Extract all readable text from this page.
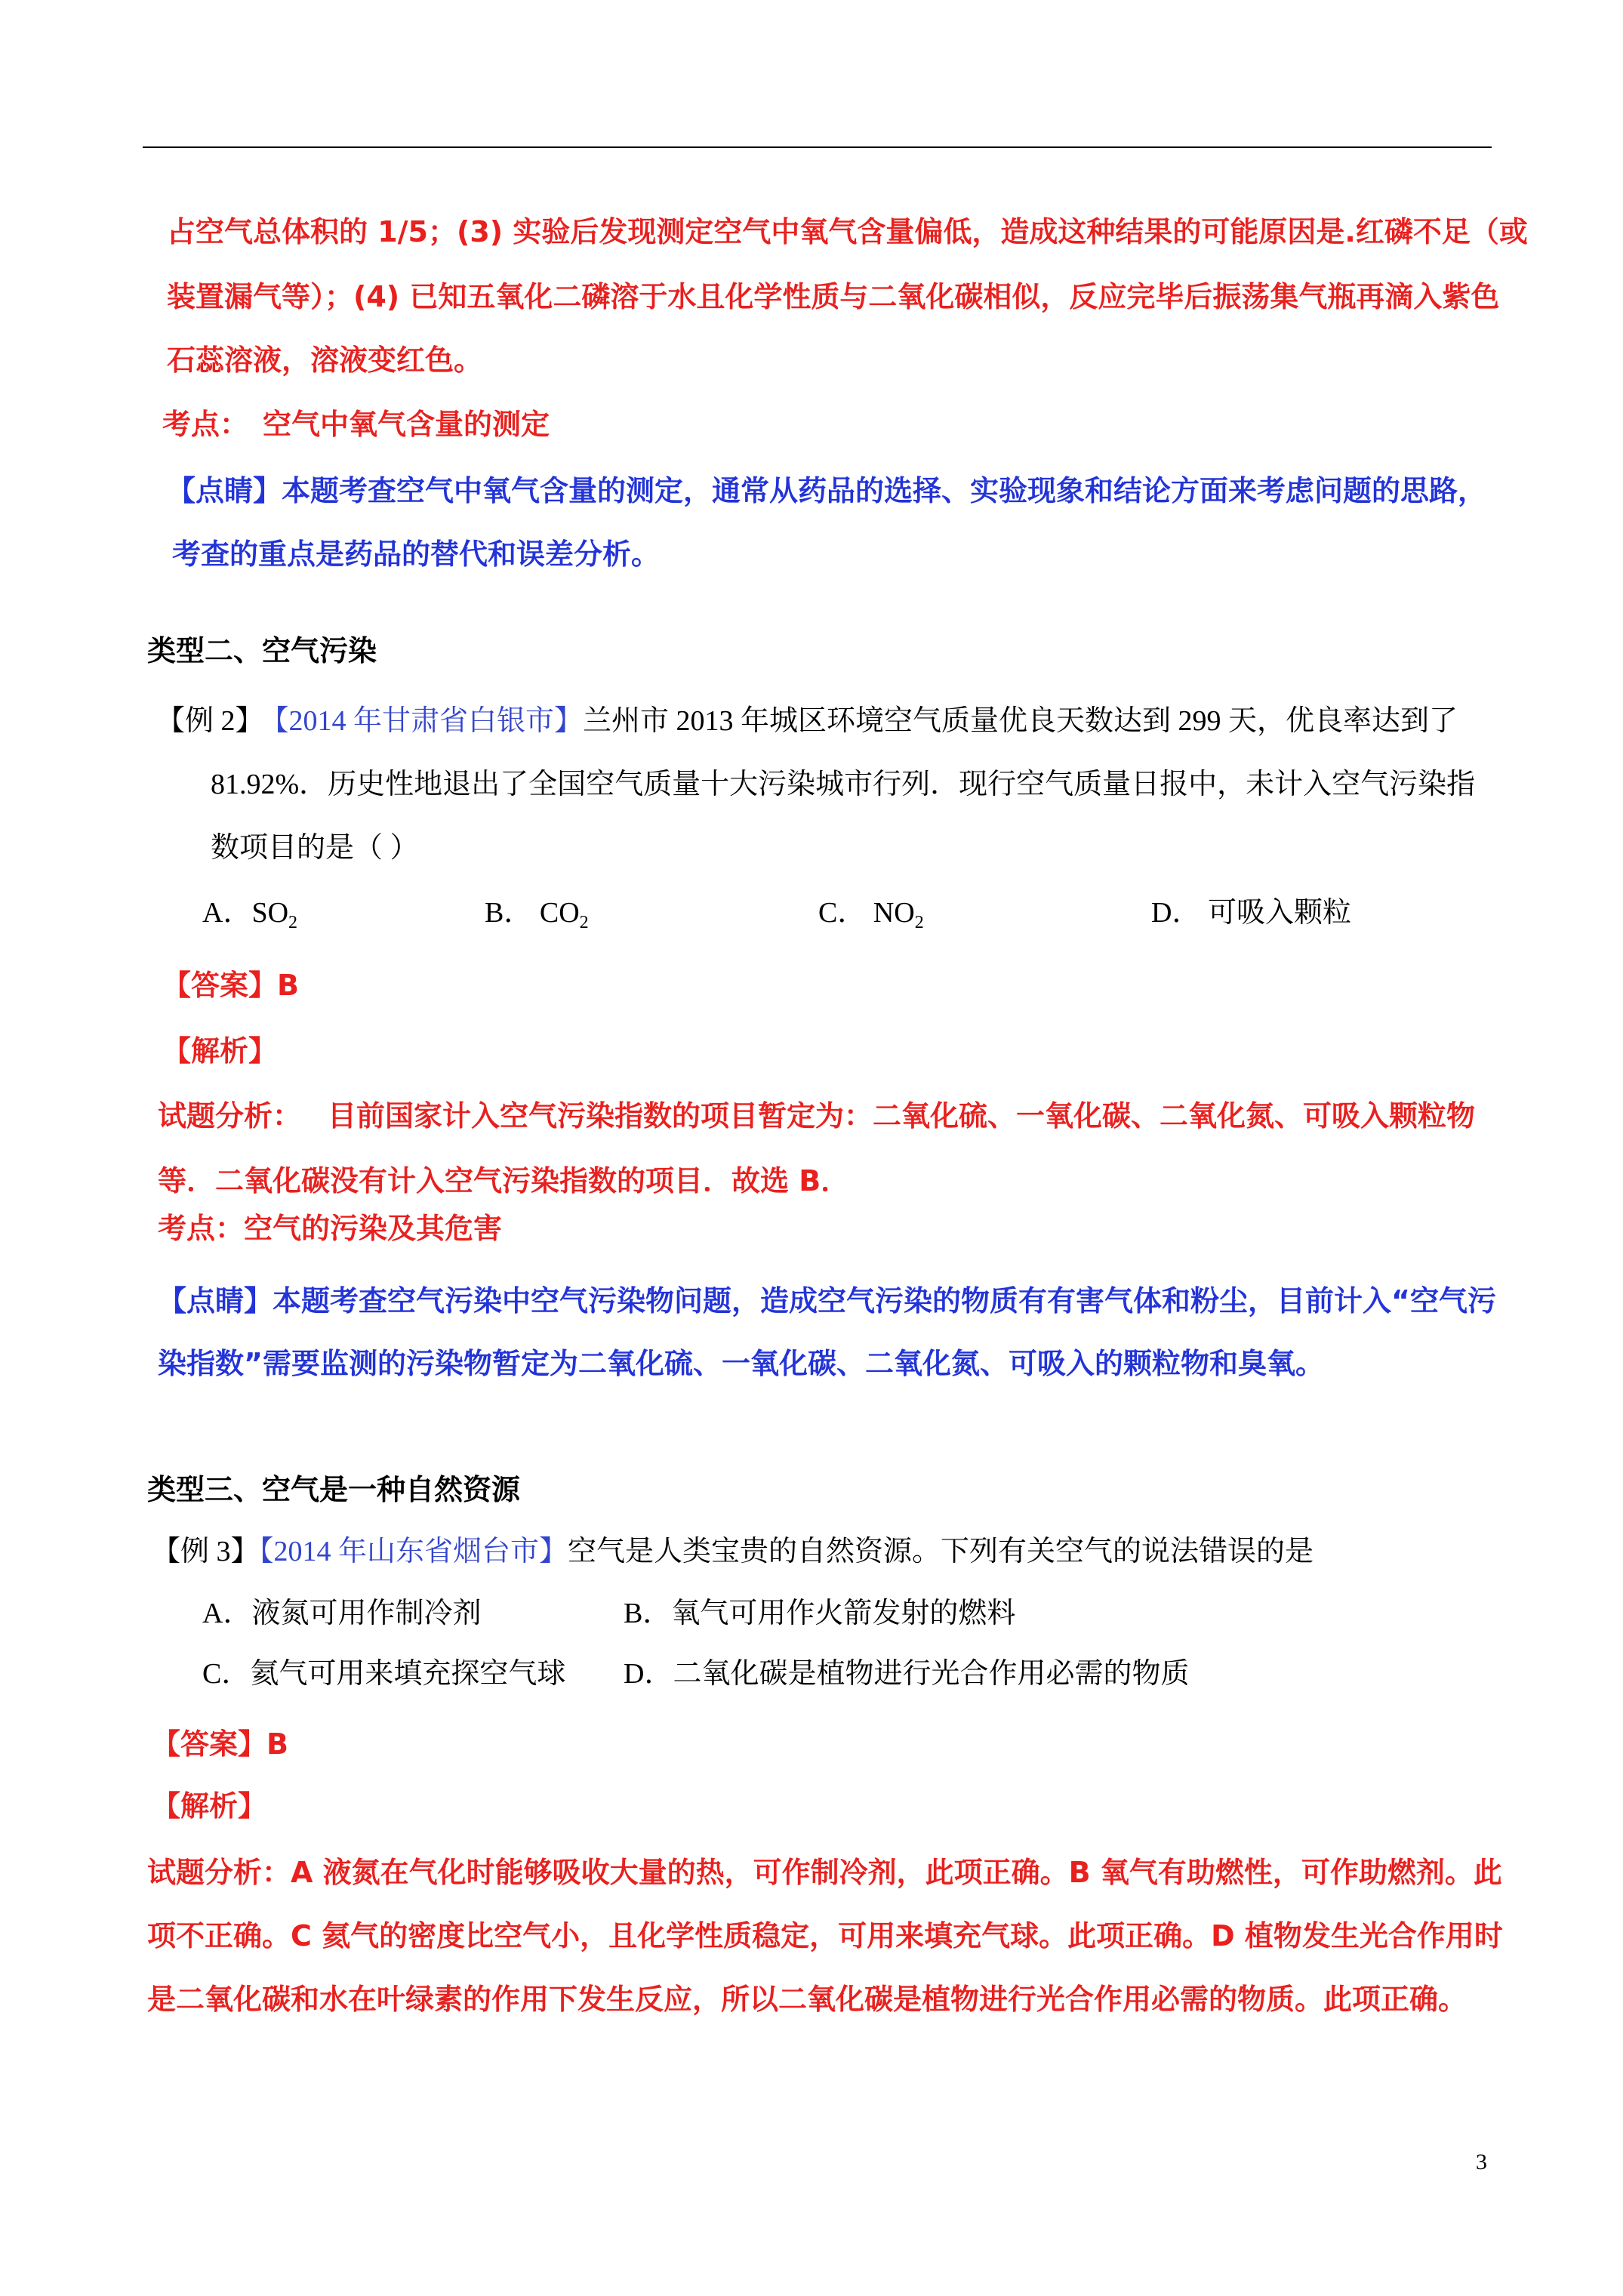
占空气总体积的 1/5；(3) 实验后发现测定空气中氧气含量偏低，造成这种结果的可能原因是.红磷不足（或
装置漏气等）；(4) 已知五氧化二磷溶于水且化学性质与二氧化碳相似，反应完毕后振荡集气瓶再滴入紫色
石蕊溶液，溶液变红色。
考点： 空气中氧气含量的测定
【点睛】本题考查空气中氧气含量的测定，通常从药品的选择、实验现象和结论方面来考虑问题的思路，
考查的重点是药品的替代和误差分析。
类型二、空气污染
【例 2】 【2014 年甘肃省白银市】兰州市 2013 年城区环境空气质量优良天数达到 299 天，优良率达到了
81.92%．历史性地退出了全国空气质量十大污染城市行列．现行空气质量日报中，未计入空气污染指
数项目的是（ ）
A．$SO_2$	B． $CO_2$	C． $NO_2$	D． 可吸入颗粒
【答案】B
【解析】
试题分析： 目前国家计入空气污染指数的项目暂定为：二氧化硫、一氧化碳、二氧化氮、可吸入颗粒物
等．二氧化碳没有计入空气污染指数的项目．故选 B．
考点：空气的污染及其危害
【点睛】本题考查空气污染中空气污染物问题，造成空气污染的物质有有害气体和粉尘，目前计入“空气污
染指数”需要监测的污染物暂定为二氧化硫、一氧化碳、二氧化氮、可吸入的颗粒物和臭氧。
类型三、空气是一种自然资源
【例 3】【2014 年山东省烟台市】空气是人类宝贵的自然资源。下列有关空气的说法错误的是
A．液氮可用作制冷剂	B．氧气可用作火箭发射的燃料
C．氦气可用来填充探空气球 D．二氧化碳是植物进行光合作用必需的物质
【答案】B
【解析】
试题分析：A 液氮在气化时能够吸收大量的热，可作制冷剂，此项正确。B 氧气有助燃性，可作助燃剂。此
项不正确。C 氦气的密度比空气小，且化学性质稳定，可用来填充气球。此项正确。D 植物发生光合作用时
是二氧化碳和水在叶绿素的作用下发生反应，所以二氧化碳是植物进行光合作用必需的物质。此项正确。
3
